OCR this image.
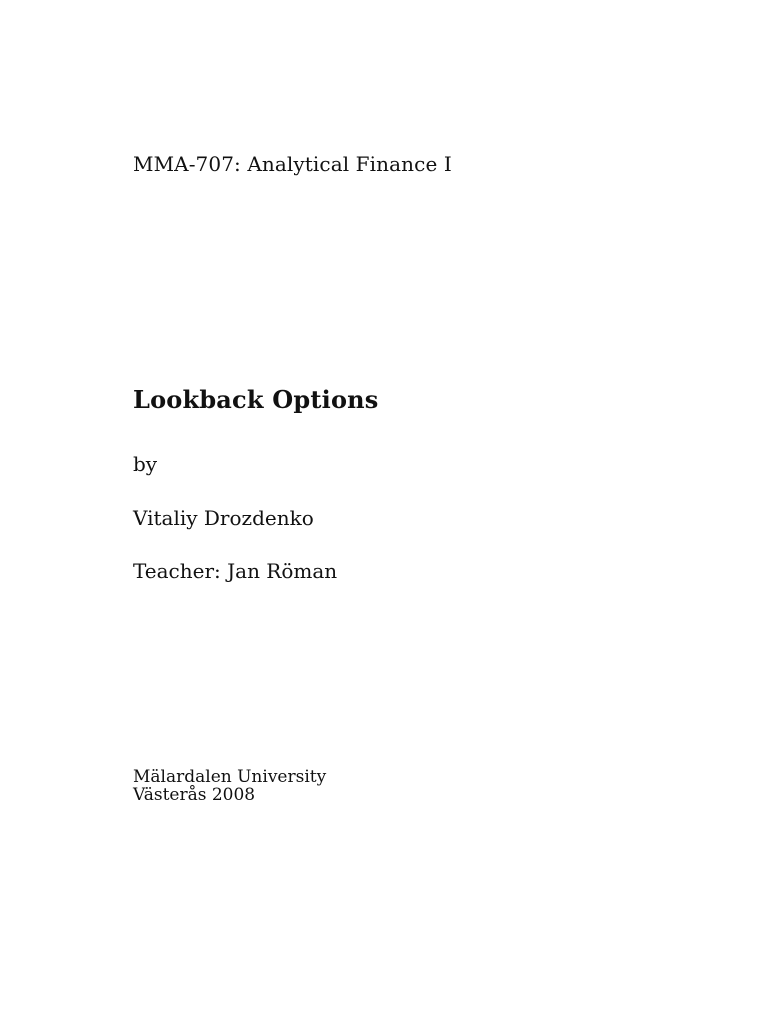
MMA-707: Analytical Finance I

Lookback Options

by

Vitaliy Drozdenko

Teacher: Jan Röman

Mälardalen University
Västerås 2008
